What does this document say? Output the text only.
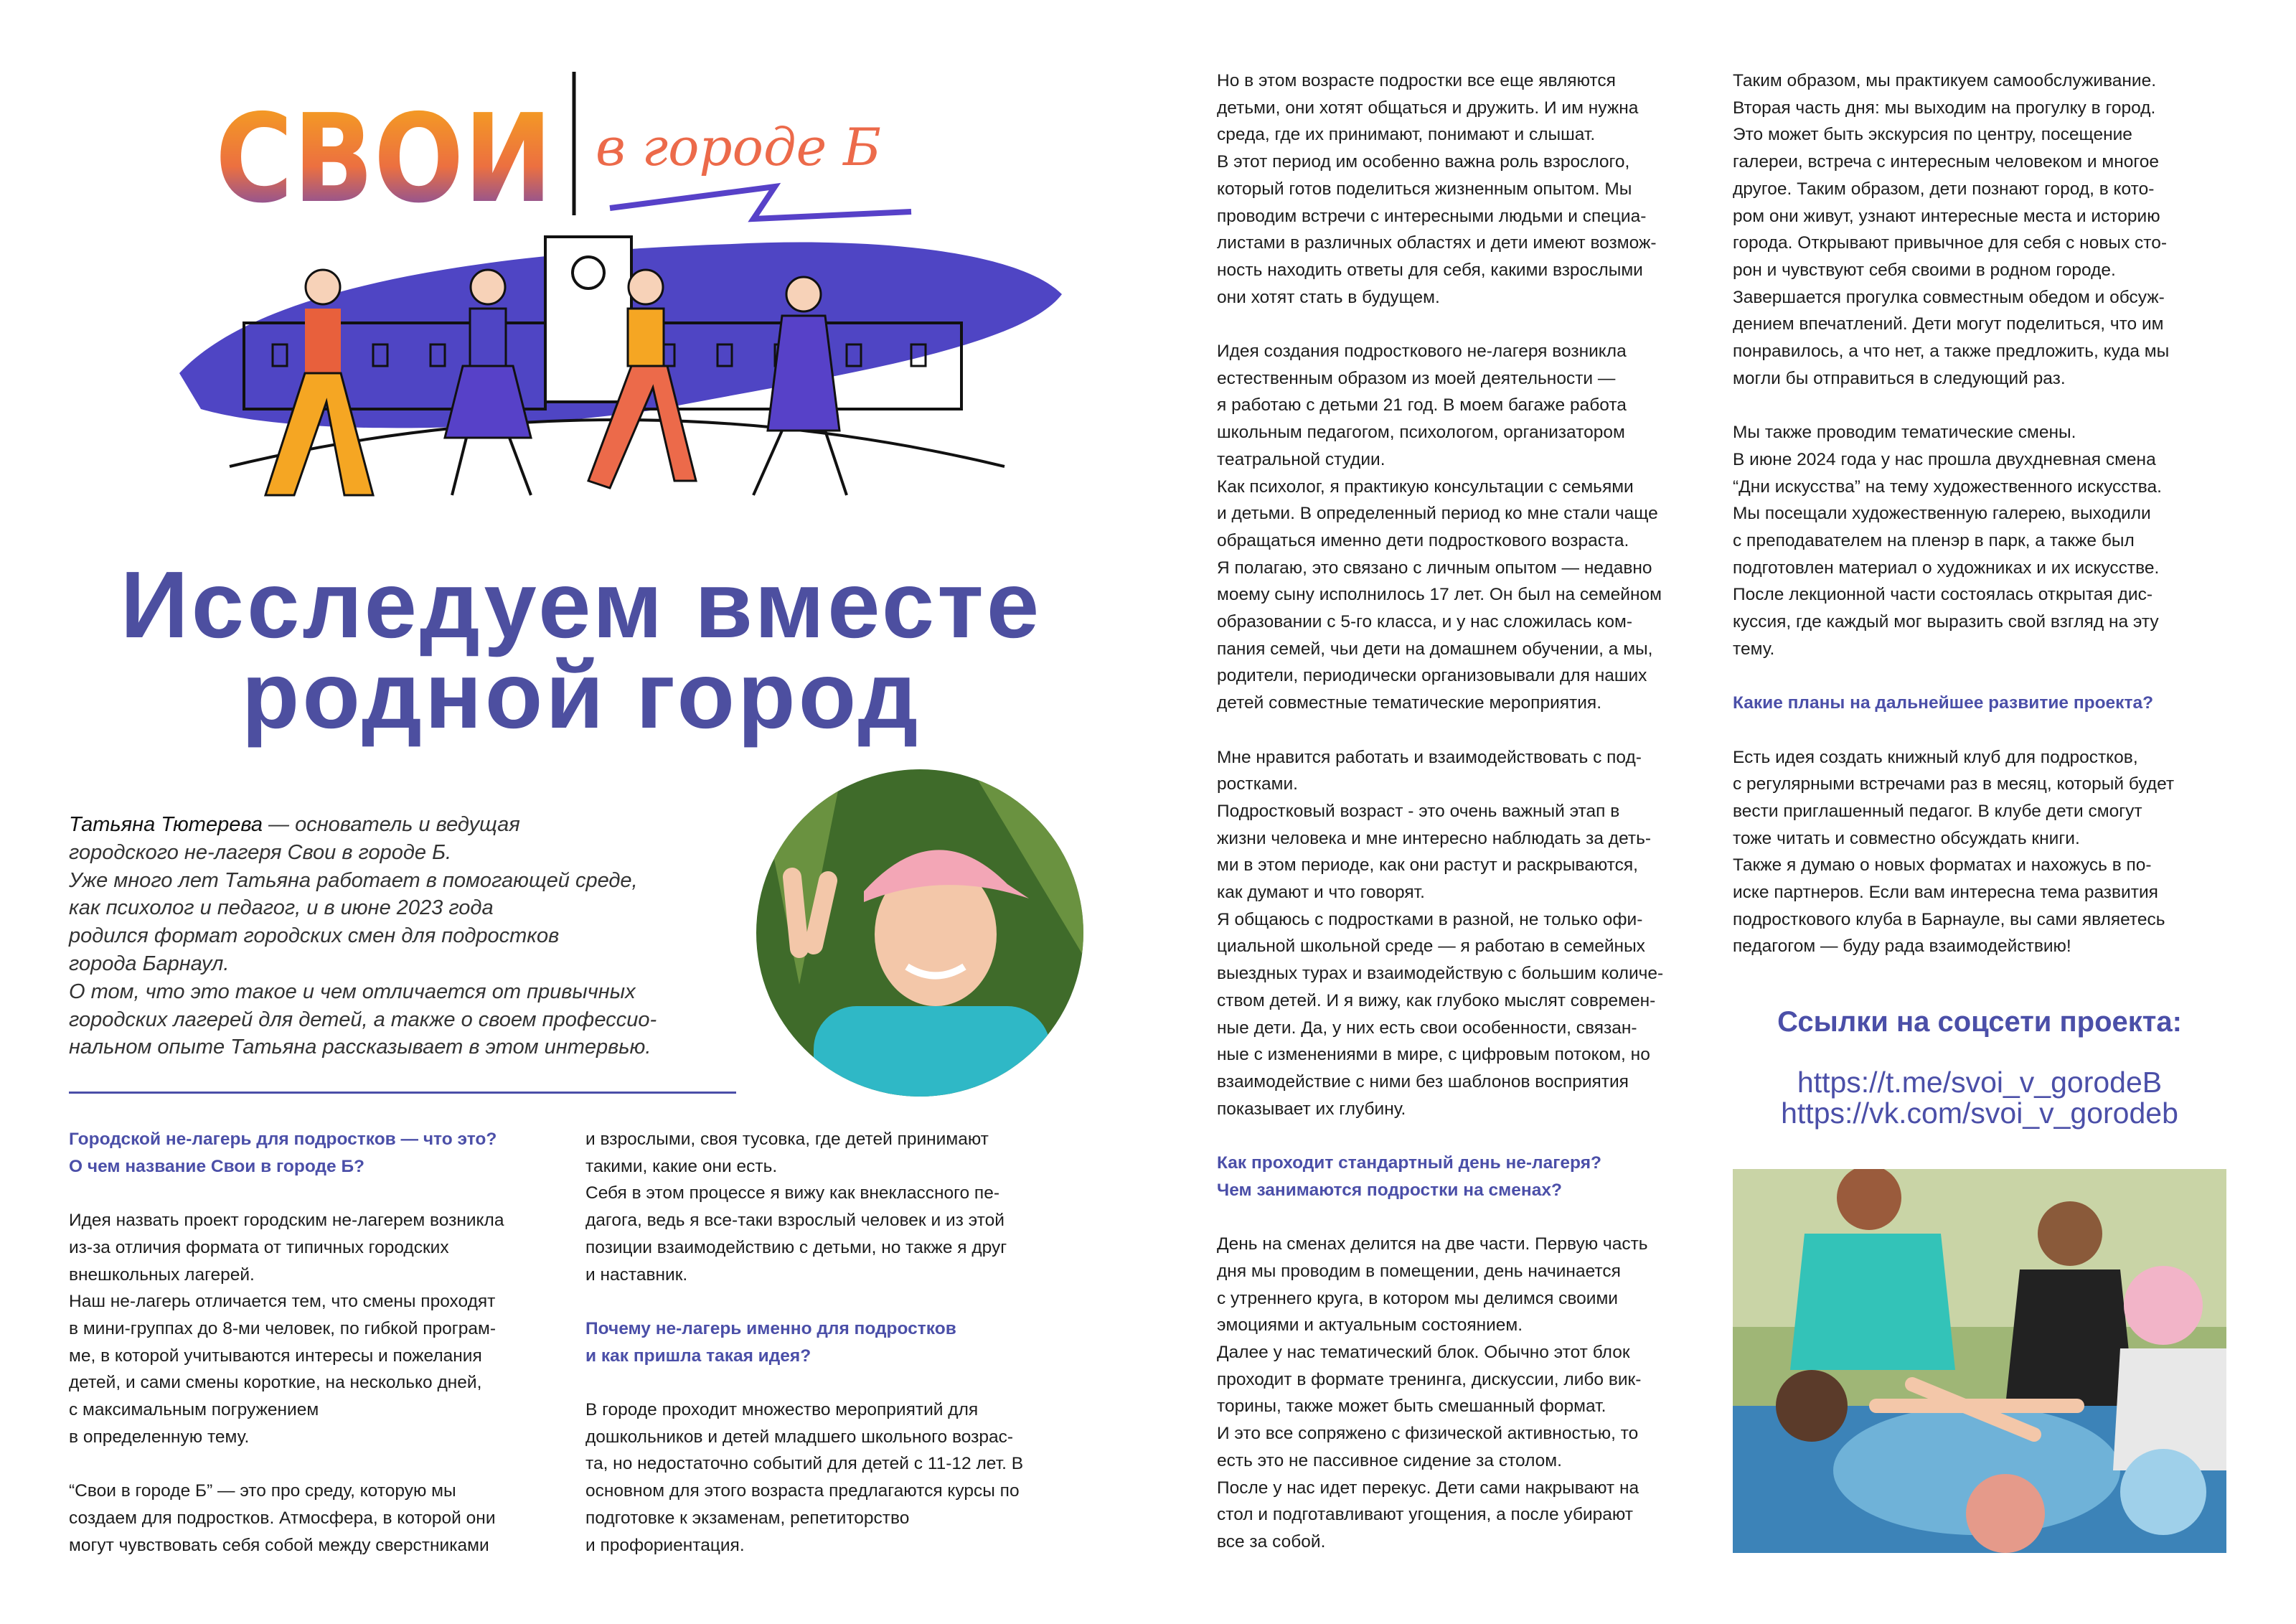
СВОИ в городе Б
Исследуем вместе
родной город
Татьяна Тютерева — основатель и ведущая
городского не-лагеря Свои в городе Б.
Уже много лет Татьяна работает в помогающей среде,
как психолог и педагог, и в июне 2023 года
родился формат городских смен для подростков
города Барнаул.
О том, что это такое и чем отличается от привычных
городских лагерей для детей, а также о своем профессио-
нальном опыте Татьяна рассказывает в этом интервью.
Городской не-лагерь для подростков — что это?
О чем название Свои в городе Б?
Идея назвать проект городским не-лагерем возникла
из-за отличия формата от типичных городских
внешкольных лагерей.
Наш не-лагерь отличается тем, что смены проходят
в мини-группах до 8-ми человек, по гибкой програм-
ме, в которой учитываются интересы и пожелания
детей, и сами смены короткие, на несколько дней,
с максимальным погружением
в определенную тему.
“Свои в городе Б” — это про среду, которую мы
создаем для подростков. Атмосфера, в которой они
могут чувствовать себя собой между сверстниками
и взрослыми, своя тусовка, где детей принимают
такими, какие они есть.
Себя в этом процессе я вижу как внеклассного пе-
дагога, ведь я все-таки взрослый человек и из этой
позиции взаимодействию с детьми, но также я друг
и наставник.
Почему не-лагерь именно для подростков
и как пришла такая идея?
В городе проходит множество мероприятий для
дошкольников и детей младшего школьного возрас-
та, но недостаточно событий для детей с 11-12 лет. В
основном для этого возраста предлагаются курсы по
подготовке к экзаменам, репетиторство
и профориентация.
Но в этом возрасте подростки все еще являются
детьми, они хотят общаться и дружить. И им нужна
среда, где их принимают, понимают и слышат.
В этот период им особенно важна роль взрослого,
который готов поделиться жизненным опытом. Мы
проводим встречи с интересными людьми и специа-
листами в различных областях и дети имеют возмож-
ность находить ответы для себя, какими взрослыми
они хотят стать в будущем.
Идея создания подросткового не-лагеря возникла
естественным образом из моей деятельности —
я работаю с детьми 21 год. В моем багаже работа
школьным педагогом, психологом, организатором
театральной студии.
Как психолог, я практикую консультации с семьями
и детьми. В определенный период ко мне стали чаще
обращаться именно дети подросткового возраста.
Я полагаю, это связано с личным опытом — недавно
моему сыну исполнилось 17 лет. Он был на семейном
образовании с 5-го класса, и у нас сложилась ком-
пания семей, чьи дети на домашнем обучении, а мы,
родители, периодически организовывали для наших
детей совместные тематические мероприятия.
Мне нравится работать и взаимодействовать с под-
ростками.
Подростковый возраст - это очень важный этап в
жизни человека и мне интересно наблюдать за деть-
ми в этом периоде, как они растут и раскрываются,
как думают и что говорят.
Я общаюсь с подростками в разной, не только офи-
циальной школьной среде — я работаю в семейных
выездных турах и взаимодействую с большим количе-
ством детей. И я вижу, как глубоко мыслят современ-
ные дети. Да, у них есть свои особенности, связан-
ные с изменениями в мире, с цифровым потоком, но
взаимодействие с ними без шаблонов восприятия
показывает их глубину.
Как проходит стандартный день не-лагеря?
Чем занимаются подростки на сменах?
День на сменах делится на две части. Первую часть
дня мы проводим в помещении, день начинается
с утреннего круга, в котором мы делимся своими
эмоциями и актуальным состоянием.
Далее у нас тематический блок. Обычно этот блок
проходит в формате тренинга, дискуссии, либо вик-
торины, также может быть смешанный формат.
И это все сопряжено с физической активностью, то
есть это не пассивное сидение за столом.
После у нас идет перекус. Дети сами накрывают на
стол и подготавливают угощения, а после убирают
все за собой.
Таким образом, мы практикуем самообслуживание.
Вторая часть дня: мы выходим на прогулку в город.
Это может быть экскурсия по центру, посещение
галереи, встреча с интересным человеком и многое
другое. Таким образом, дети познают город, в кото-
ром они живут, узнают интересные места и историю
города. Открывают привычное для себя с новых сто-
рон и чувствуют себя своими в родном городе.
Завершается прогулка совместным обедом и обсуж-
дением впечатлений. Дети могут поделиться, что им
понравилось, а что нет, а также предложить, куда мы
могли бы отправиться в следующий раз.
Мы также проводим тематические смены.
В июне 2024 года у нас прошла двухдневная смена
“Дни искусства” на тему художественного искусства.
Мы посещали художественную галерею, выходили
с преподавателем на пленэр в парк, а также был
подготовлен материал о художниках и их искусстве.
После лекционной части состоялась открытая дис-
куссия, где каждый мог выразить свой взгляд на эту
тему.
Какие планы на дальнейшее развитие проекта?
Есть идея создать книжный клуб для подростков,
с регулярными встречами раз в месяц, который будет
вести приглашенный педагог. В клубе дети смогут
тоже читать и совместно обсуждать книги.
Также я думаю о новых форматах и нахожусь в по-
иске партнеров. Если вам интересна тема развития
подросткового клуба в Барнауле, вы сами являетесь
педагогом — буду рада взаимодействию!
Ссылки на соцсети проекта:
https://t.me/svoi_v_gorodeB
https://vk.com/svoi_v_gorodeb
